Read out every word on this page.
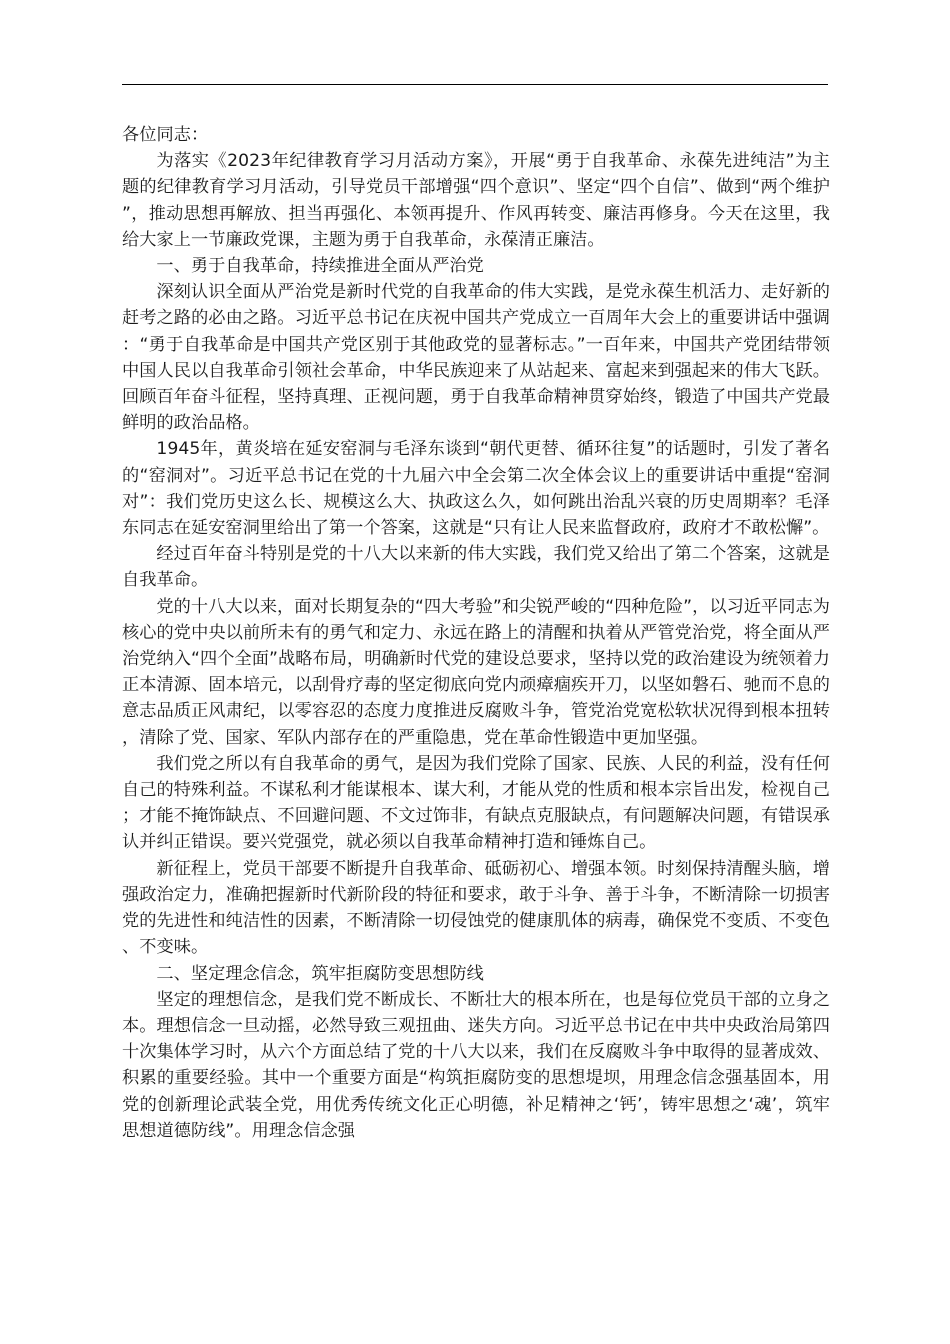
各位同志：

为落实《2023年纪律教育学习月活动方案》，开展“勇于自我革命、永葆先进纯洁”为主题的纪律教育学习月活动，引导党员干部增强“四个意识”、坚定“四个自信”、做到“两个维护”，推动思想再解放、担当再强化、本领再提升、作风再转变、廉洁再修身。今天在这里，我给大家上一节廉政党课，主题为勇于自我革命，永葆清正廉洁。

一、勇于自我革命，持续推进全面从严治党

深刻认识全面从严治党是新时代党的自我革命的伟大实践，是党永葆生机活力、走好新的赶考之路的必由之路。习近平总书记在庆祝中国共产党成立一百周年大会上的重要讲话中强调：“勇于自我革命是中国共产党区别于其他政党的显著标志。”一百年来，中国共产党团结带领中国人民以自我革命引领社会革命，中华民族迎来了从站起来、富起来到强起来的伟大飞跃。回顾百年奋斗征程，坚持真理、正视问题，勇于自我革命精神贯穿始终，锻造了中国共产党最鲜明的政治品格。

1945年，黄炎培在延安窑洞与毛泽东谈到“朝代更替、循环往复”的话题时，引发了著名的“窑洞对”。习近平总书记在党的十九届六中全会第二次全体会议上的重要讲话中重提“窑洞对”：我们党历史这么长、规模这么大、执政这么久，如何跳出治乱兴衰的历史周期率？毛泽东同志在延安窑洞里给出了第一个答案，这就是“只有让人民来监督政府，政府才不敢松懈”。

经过百年奋斗特别是党的十八大以来新的伟大实践，我们党又给出了第二个答案，这就是自我革命。

党的十八大以来，面对长期复杂的“四大考验”和尖锐严峻的“四种危险”，以习近平同志为核心的党中央以前所未有的勇气和定力、永远在路上的清醒和执着从严管党治党，将全面从严治党纳入“四个全面”战略布局，明确新时代党的建设总要求，坚持以党的政治建设为统领着力正本清源、固本培元，以刮骨疗毒的坚定彻底向党内顽瘴痼疾开刀，以坚如磐石、驰而不息的意志品质正风肃纪，以零容忍的态度力度推进反腐败斗争，管党治党宽松软状况得到根本扭转，清除了党、国家、军队内部存在的严重隐患，党在革命性锻造中更加坚强。

我们党之所以有自我革命的勇气，是因为我们党除了国家、民族、人民的利益，没有任何自己的特殊利益。不谋私利才能谋根本、谋大利，才能从党的性质和根本宗旨出发，检视自己；才能不掩饰缺点、不回避问题、不文过饰非，有缺点克服缺点，有问题解决问题，有错误承认并纠正错误。要兴党强党，就必须以自我革命精神打造和锤炼自己。

新征程上，党员干部要不断提升自我革命、砥砺初心、增强本领。时刻保持清醒头脑，增强政治定力，准确把握新时代新阶段的特征和要求，敢于斗争、善于斗争，不断清除一切损害党的先进性和纯洁性的因素，不断清除一切侵蚀党的健康肌体的病毒，确保党不变质、不变色、不变味。

二、坚定理念信念，筑牢拒腐防变思想防线

坚定的理想信念，是我们党不断成长、不断壮大的根本所在，也是每位党员干部的立身之本。理想信念一旦动摇，必然导致三观扭曲、迷失方向。习近平总书记在中共中央政治局第四十次集体学习时，从六个方面总结了党的十八大以来，我们在反腐败斗争中取得的显著成效、积累的重要经验。其中一个重要方面是“构筑拒腐防变的思想堤坝，用理念信念强基固本，用党的创新理论武装全党，用优秀传统文化正心明德，补足精神之‘钙’，铸牢思想之‘魂’，筑牢思想道德防线”。用理念信念强
